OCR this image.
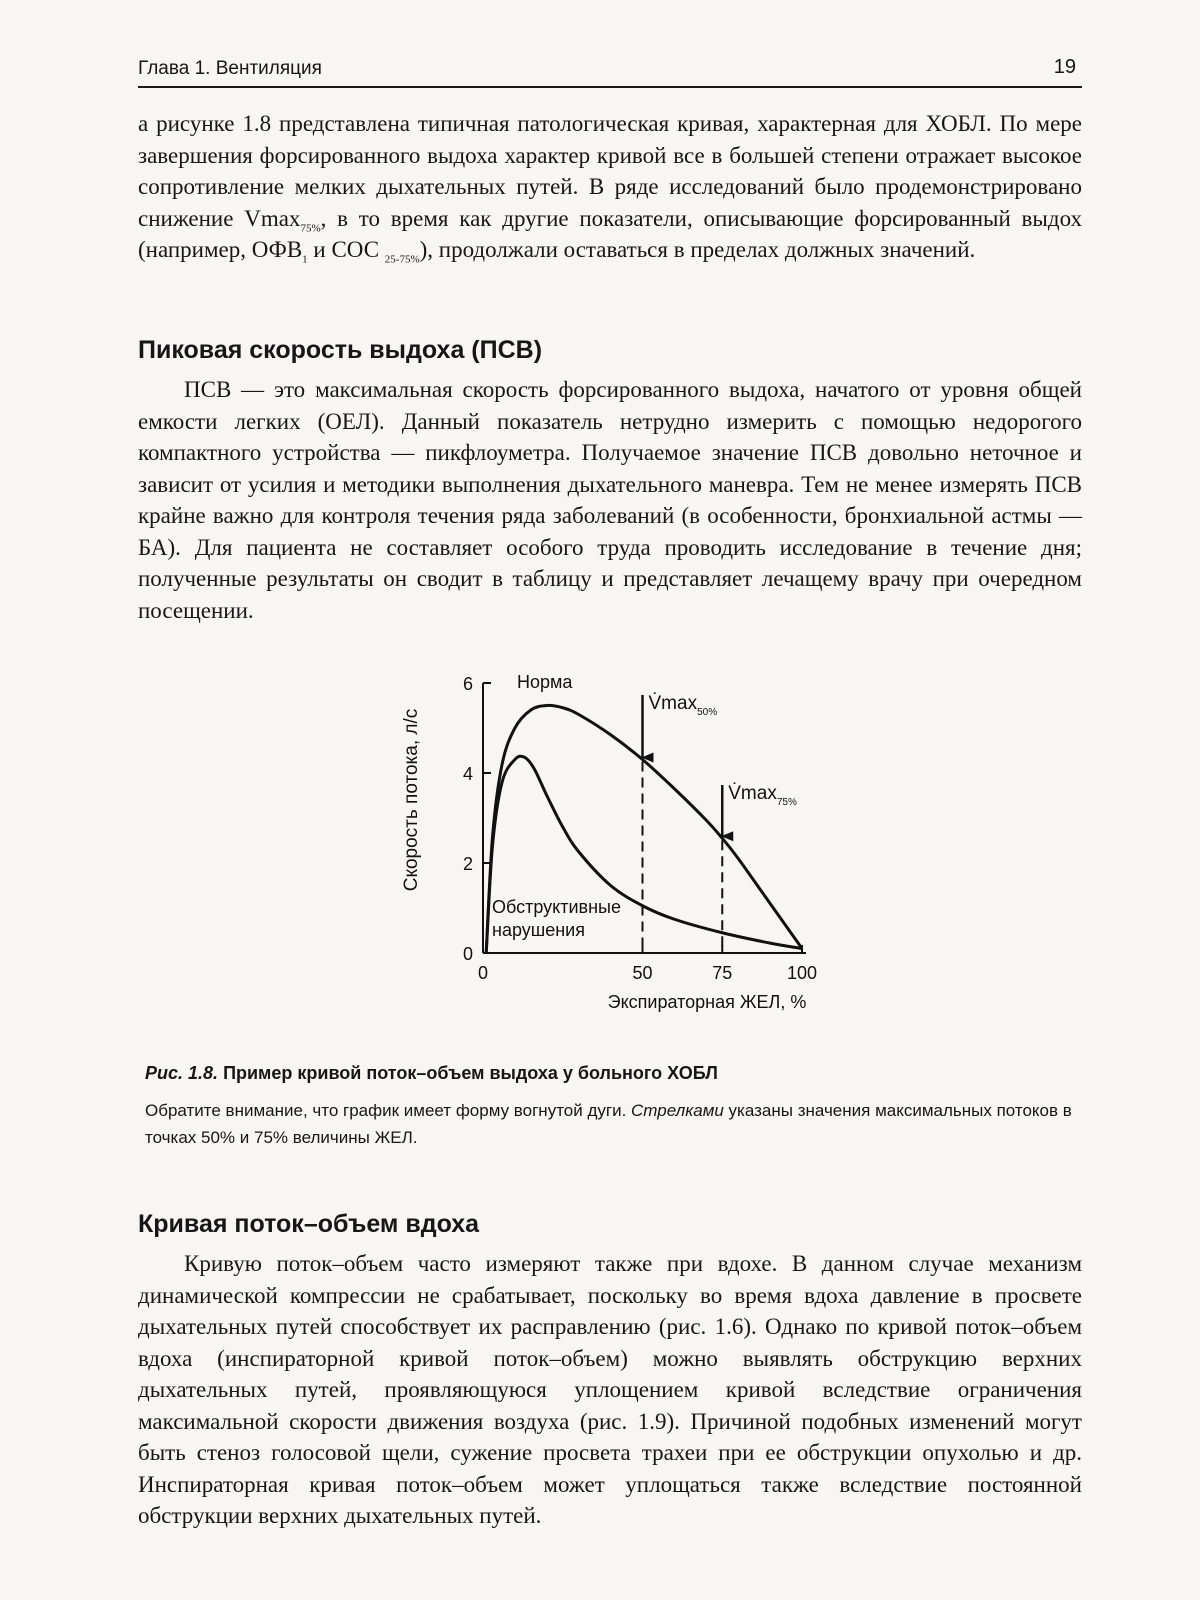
Глава 1. Вентиляция	19

а рисунке 1.8 представлена типичная патологическая кривая, характерная для ХОБЛ. По мере завершения форсированного выдоха характер кривой все в большей степени отражает высокое сопротивление мелких дыхательных путей. В ряде исследований было продемонстрировано снижение Vmax$_{75\%}$, в то время как другие показатели, описывающие форсированный выдох (например, $ОФВ_1$ и СОС $_{25-75\%}$), продолжали оставаться в пределах должных значений.

Пиковая скорость выдоха (ПСВ)

ПСВ — это максимальная скорость форсированного выдоха, начатого от уровня общей емкости легких (ОЕЛ). Данный показатель нетрудно измерить с помощью недорогого компактного устройства — пикфлоуметра. Получаемое значение ПСВ довольно неточное и зависит от усилия и методики выполнения дыхательного маневра. Тем не менее измерять ПСВ крайне важно для контроля течения ряда заболеваний (в особенности, бронхиальной астмы — БА). Для пациента не составляет особого труда проводить исследование в течение дня; полученные результаты он сводит в таблицу и представляет лечащему врачу при очередном посещении.

0
2
4
6
0	50	75	100
Норма
Обструктивные нарушения
$V̇\max_{50\%}$
$V̇\max_{75\%}$
Скорость потока, л/с
Экспираторная ЖЕЛ, %
Рис. 1.8. Пример кривой поток–объем выдоха у больного ХОБЛ

Обратите внимание, что график имеет форму вогнутой дуги. Стрелками указаны значения максимальных потоков в точках 50% и 75% величины ЖЕЛ.

Кривая поток–объем вдоха

Кривую поток–объем часто измеряют также при вдохе. В данном случае механизм динамической компрессии не срабатывает, поскольку во время вдоха давление в просвете дыхательных путей способствует их расправлению (рис. 1.6). Однако по кривой поток–объем вдоха (инспираторной кривой поток–объем) можно выявлять обструкцию верхних дыхательных путей, проявляющуюся уплощением кривой вследствие ограничения максимальной скорости движения воздуха (рис. 1.9). Причиной подобных изменений могут быть стеноз голосовой щели, сужение просвета трахеи при ее обструкции опухолью и др. Инспираторная кривая поток–объем может уплощаться также вследствие постоянной обструкции верхних дыхательных путей.
